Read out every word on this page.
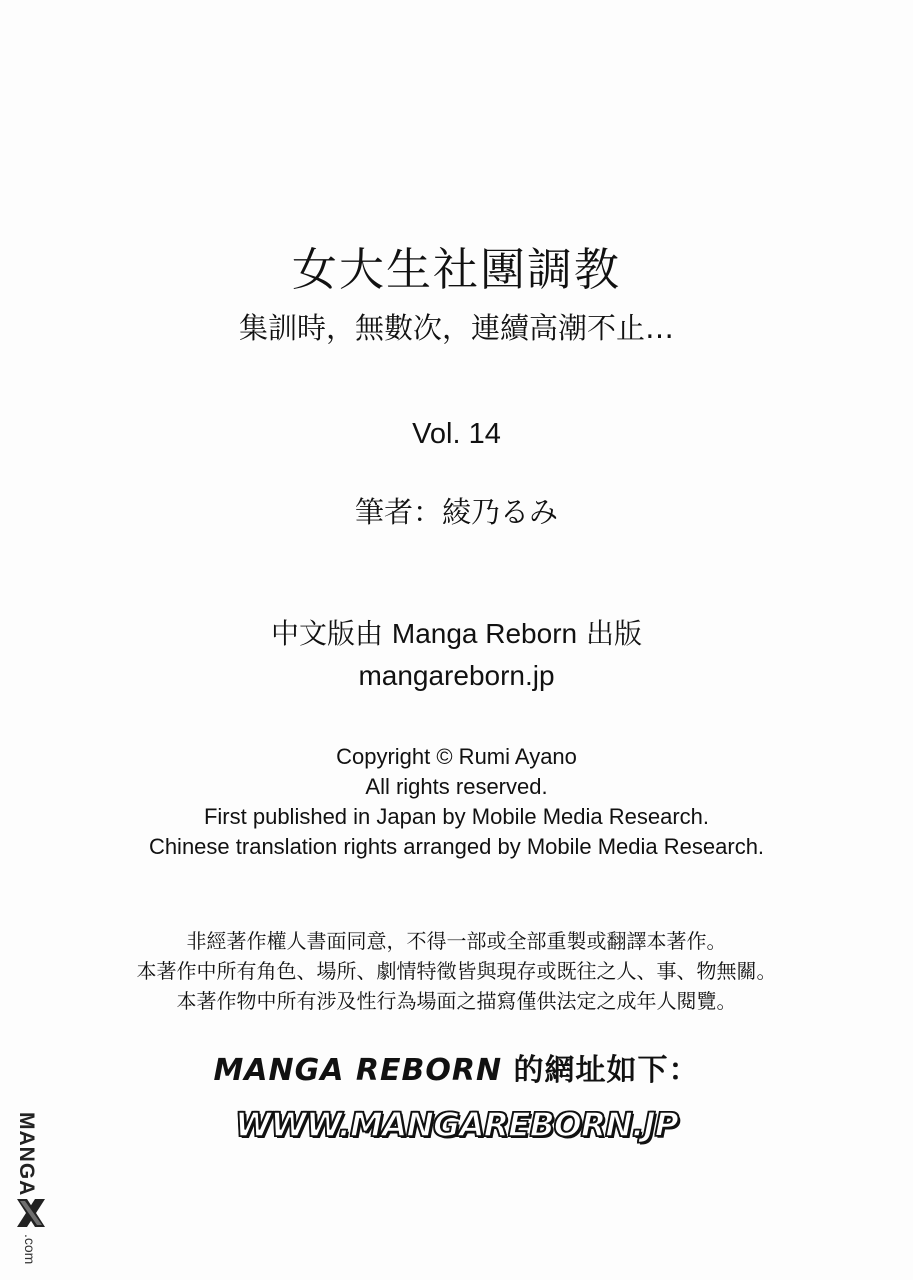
女大生社團調教
集訓時，無數次，連續高潮不止…
Vol. 14
筆者：綾乃るみ
中文版由 Manga Reborn 出版
mangareborn.jp
Copyright © Rumi Ayano
All rights reserved.
First published in Japan by Mobile Media Research.
Chinese translation rights arranged by Mobile Media Research.
非經著作權人書面同意，不得一部或全部重製或翻譯本著作。
本著作中所有角色、場所、劇情特徵皆與現存或既往之人、事、物無關。
本著作物中所有涉及性行為場面之描寫僅供法定之成年人閱覽。
MANGA REBORN 的網址如下：
WWW.MANGAREBORN.JP
MANGA
.com
